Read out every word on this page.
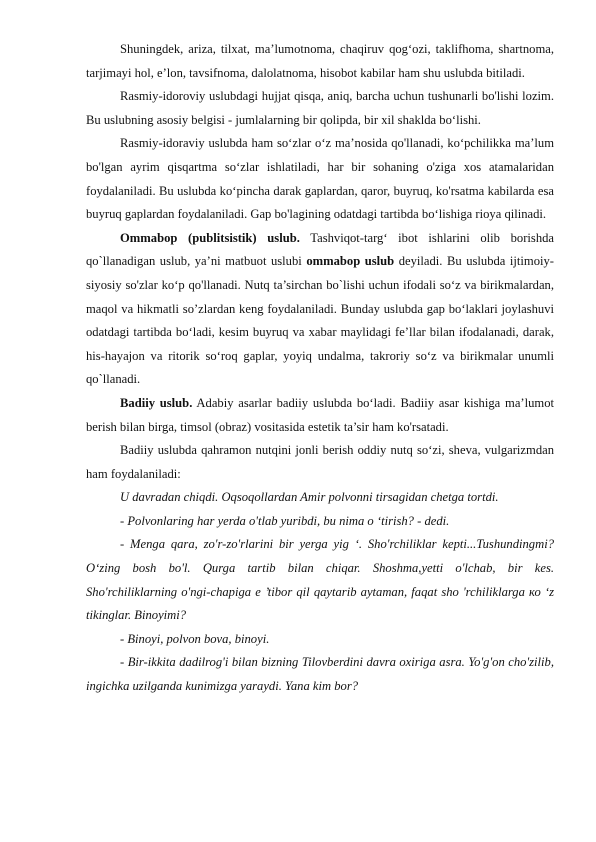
Shuningdek, ariza, tilxat, ma’lumotnoma, chaqiruv qog‘ozi, taklifhoma, shartnoma, tarjimayi hol, e’lon, tavsifnoma, dalolatnoma, hisobot kabilar ham shu uslubda bitiladi.

Rasmiy-idoroviy uslubdagi hujjat qisqa, aniq, barcha uchun tushunarli bo'lishi lozim. Bu uslubning asosiy belgisi - jumlalarning bir qolipda, bir xil shaklda bo‘lishi.

Rasmiy-idoraviy uslubda ham so‘zlar o‘z ma’nosida qo'llanadi, ko‘pchilikka ma’lum bo'lgan ayrim qisqartma so‘zlar ishlatiladi, har bir sohaning o'ziga xos atamalaridan foydalaniladi. Bu uslubda ko‘pincha darak gaplardan, qaror, buyruq, ko'rsatma kabilarda esa buyruq gaplardan foydalaniladi. Gap bo'lagining odatdagi tartibda bo‘lishiga rioya qilinadi.

Ommabop (publitsistik) uslub. Tashviqot-targ‘ ibot ishlarini olib borishda qo`llanadigan uslub, ya’ni matbuot uslubi ommabop uslub deyiladi. Bu uslubda ijtimoiy-siyosiy so'zlar ko‘p qo'llanadi. Nutq ta’sirchan bo`lishi uchun ifodali so‘z va birikmalardan, maqol va hikmatli so’zlardan keng foydalaniladi. Bunday uslubda gap bo‘laklari joylashuvi odatdagi tartibda bo‘ladi, kesim buyruq va xabar maylidagi fe’llar bilan ifodalanadi, darak, his-hayajon va ritorik so‘roq gaplar, yoyiq undalma, takroriy so‘z va birikmalar unumli qo`llanadi.

Badiiy uslub. Adabiy asarlar badiiy uslubda bo‘ladi. Badiiy asar kishiga ma’lumot berish bilan birga, timsol (obraz) vositasida estetik ta’sir ham ko'rsatadi.

Badiiy uslubda qahramon nutqini jonli berish oddiy nutq so‘zi, sheva, vulgarizmdan ham foydalaniladi:

U davradan chiqdi. Oqsoqollardan Amir polvonni tirsagidan chetga tortdi.

- Polvonlaring har yerda o'tlab yuribdi, bu nima o ‘tirish? - dedi.

- Menga qara, zo'r-zo'rlarini bir yerga yig ‘. Sho'rchiliklar kepti...Tushundingmi? O‘zing bosh bo'l. Qurga tartib bilan chiqar. Shoshma,yetti o'lchab, bir kes. Sho'rchiliklarning o'ngi-chapiga e ’tibor qil qaytarib aytaman, faqat sho 'rchiliklarga ко ‘z tikinglar. Binoyimi?

- Binoyi, polvon bova, binoyi.

- Bir-ikkita dadilrog'i bilan bizning Tilovberdini davra oxiriga asra. Yo'g'on cho'zilib, ingichka uzilganda kunimizga yaraydi. Yana kim bor?
